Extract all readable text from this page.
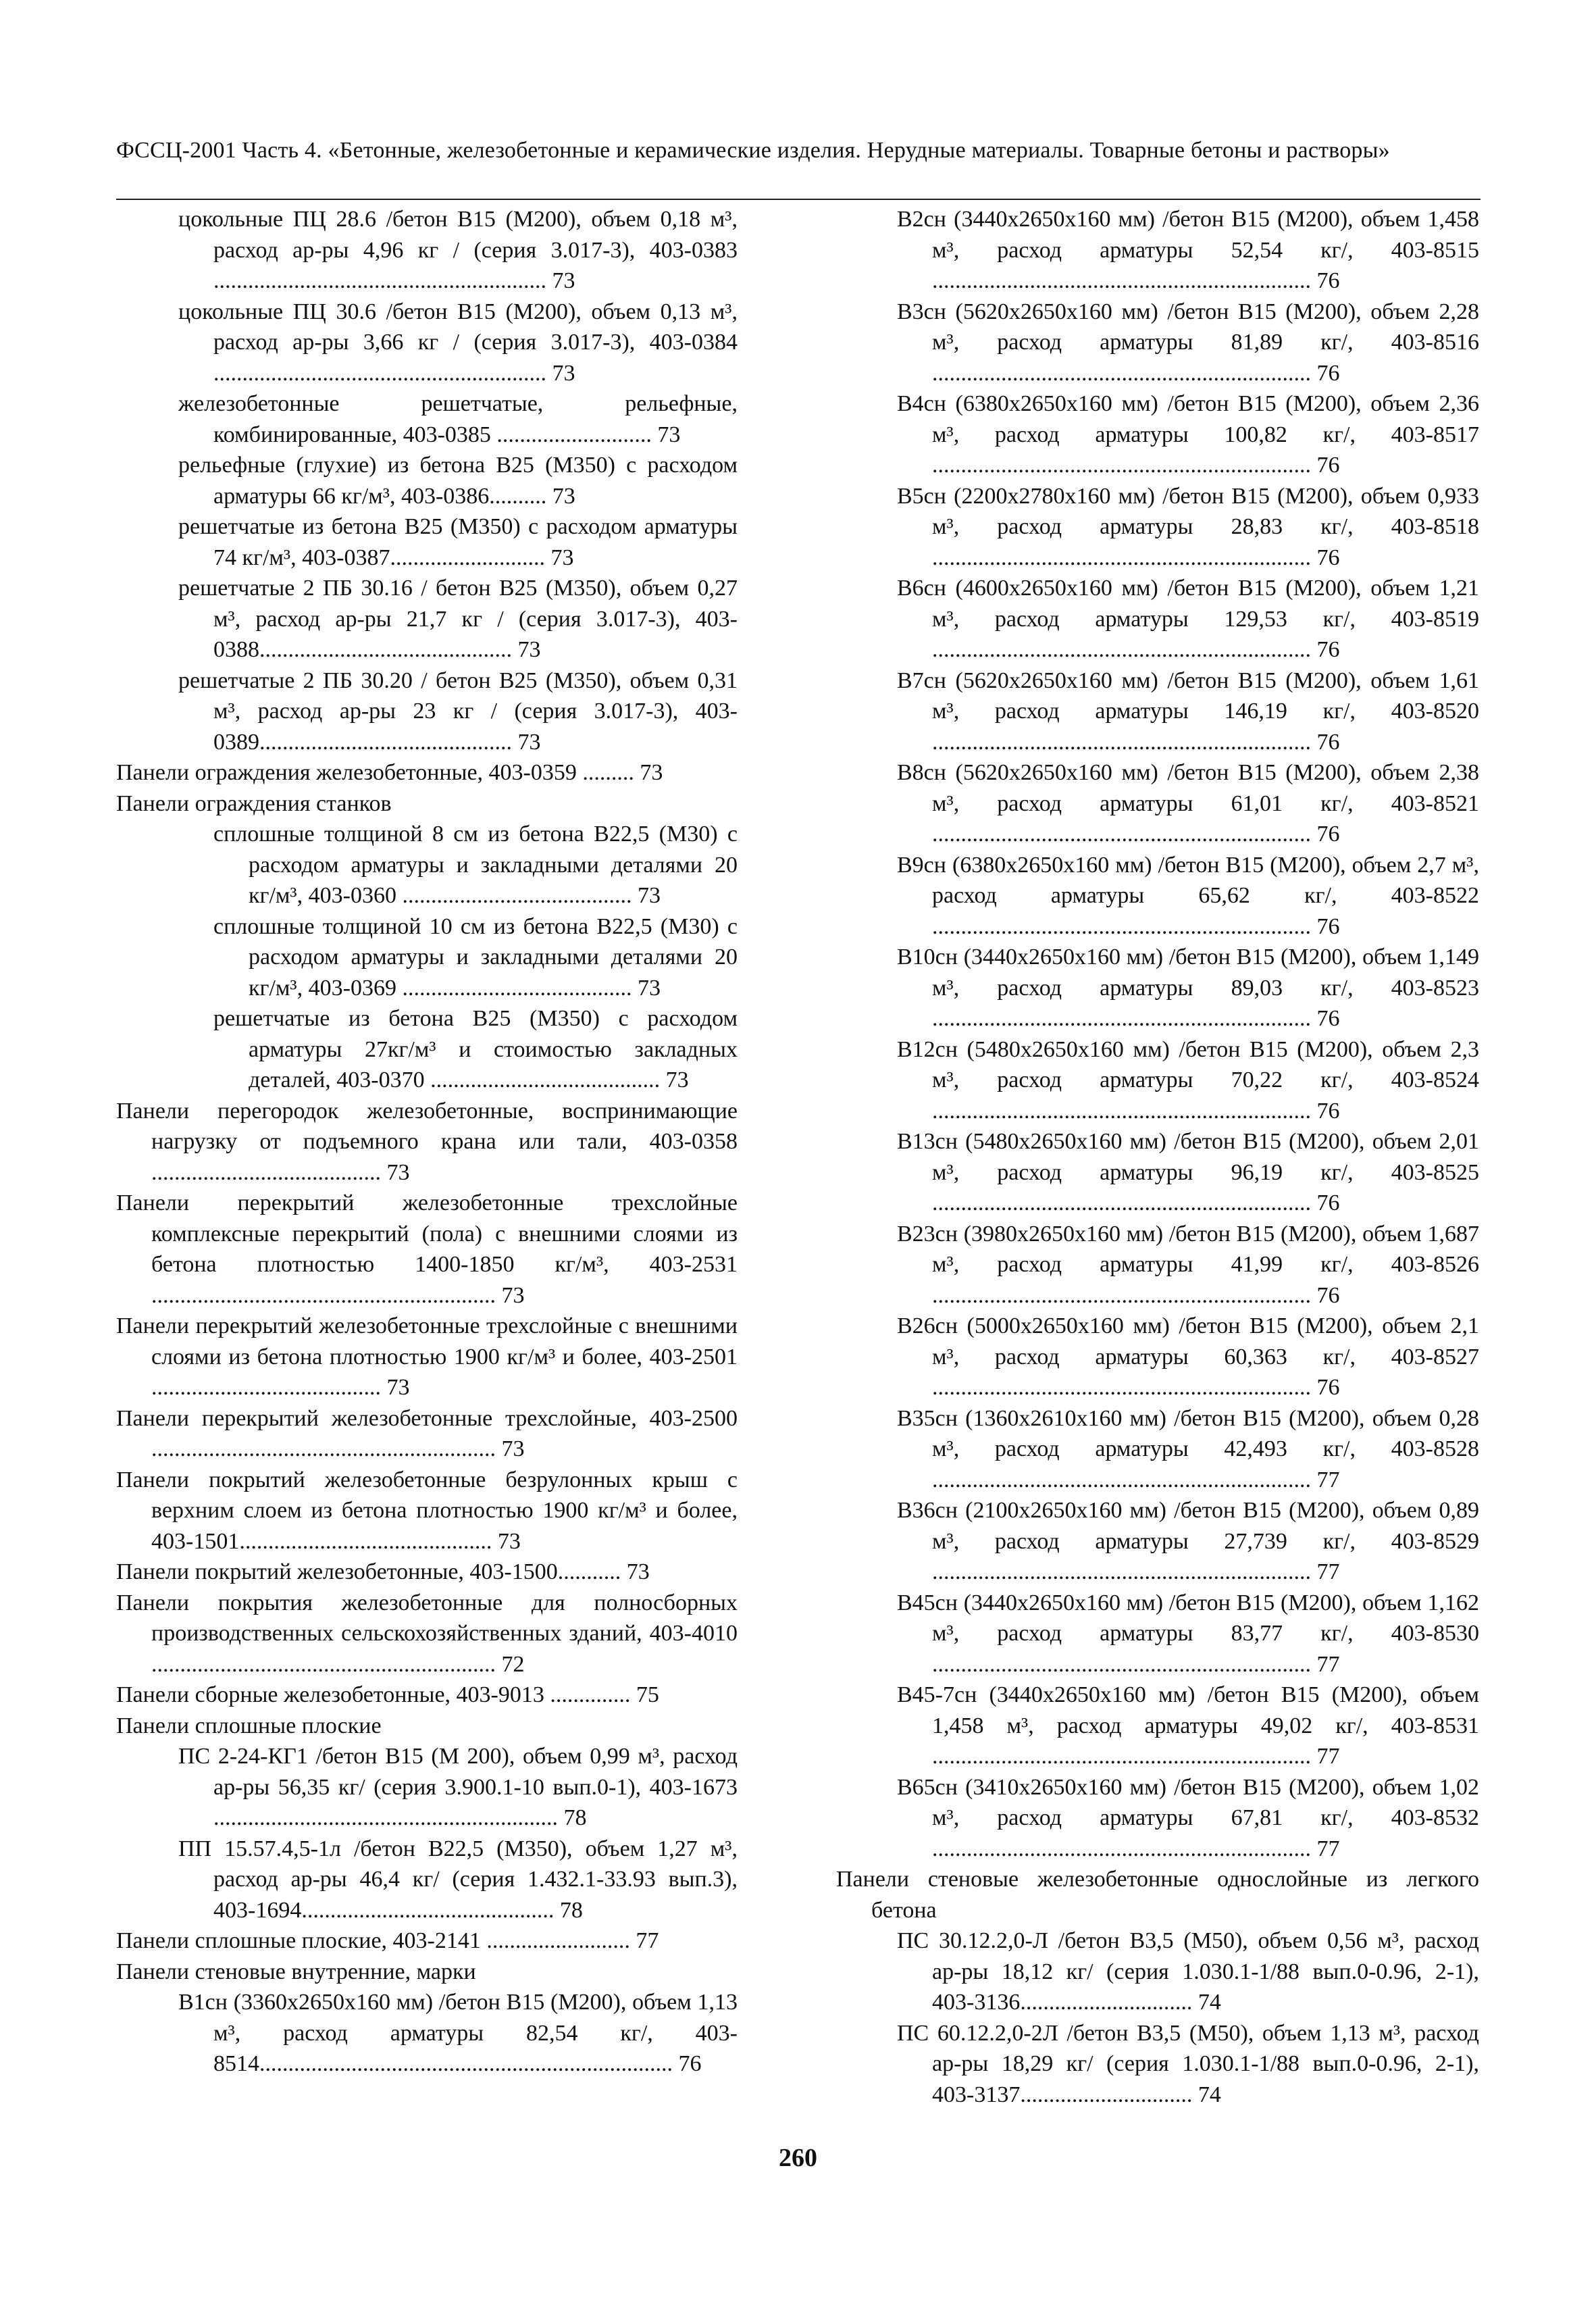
ФССЦ-2001 Часть 4. «Бетонные, железобетонные и керамические изделия. Нерудные материалы. Товарные бетоны и растворы»
цокольные ПЦ 28.6 /бетон В15 (М200), объем 0,18 м³, расход ар-ры 4,96 кг / (серия 3.017-3), 403-0383 .......................................................... 73
цокольные ПЦ 30.6 /бетон В15 (М200), объем 0,13 м³, расход ар-ры 3,66 кг / (серия 3.017-3), 403-0384 .......................................................... 73
железобетонные решетчатые, рельефные, комбинированные, 403-0385 ........................... 73
рельефные (глухие) из бетона В25 (М350) с расходом арматуры 66 кг/м³, 403-0386.......... 73
решетчатые из бетона В25 (М350) с расходом арматуры 74 кг/м³, 403-0387........................... 73
решетчатые 2 ПБ 30.16 / бетон В25 (М350), объем 0,27 м³, расход ар-ры 21,7 кг / (серия 3.017-3), 403-0388............................................ 73
решетчатые 2 ПБ 30.20 / бетон В25 (М350), объем 0,31 м³, расход ар-ры 23 кг / (серия 3.017-3), 403-0389............................................ 73
Панели ограждения железобетонные, 403-0359 ......... 73
Панели ограждения станков
сплошные толщиной 8 см из бетона В22,5 (М30) с расходом арматуры и закладными деталями 20 кг/м³, 403-0360 ........................................ 73
сплошные толщиной 10 см из бетона В22,5 (М30) с расходом арматуры и закладными деталями 20 кг/м³, 403-0369 ........................................ 73
решетчатые из бетона В25 (М350) с расходом арматуры 27кг/м³ и стоимостью закладных деталей, 403-0370 ........................................ 73
Панели перегородок железобетонные, воспринимающие нагрузку от подъемного крана или тали, 403-0358 ........................................ 73
Панели перекрытий железобетонные трехслойные комплексные перекрытий (пола) с внешними слоями из бетона плотностью 1400-1850 кг/м³, 403-2531 ............................................................ 73
Панели перекрытий железобетонные трехслойные с внешними слоями из бетона плотностью 1900 кг/м³ и более, 403-2501 ........................................ 73
Панели перекрытий железобетонные трехслойные, 403-2500 ............................................................ 73
Панели покрытий железобетонные безрулонных крыш с верхним слоем из бетона плотностью 1900 кг/м³ и более, 403-1501............................................ 73
Панели покрытий железобетонные, 403-1500........... 73
Панели покрытия железобетонные для полносборных производственных сельскохозяйственных зданий, 403-4010 ............................................................ 72
Панели сборные железобетонные, 403-9013 .............. 75
Панели сплошные плоские
ПС 2-24-КГ1 /бетон В15 (М 200), объем 0,99 м³, расход ар-ры 56,35 кг/ (серия 3.900.1-10 вып.0-1), 403-1673 ............................................................ 78
ПП 15.57.4,5-1л /бетон В22,5 (М350), объем 1,27 м³, расход ар-ры 46,4 кг/ (серия 1.432.1-33.93 вып.3), 403-1694............................................ 78
Панели сплошные плоские, 403-2141 ......................... 77
Панели стеновые внутренние, марки
В1сн (3360х2650х160 мм) /бетон В15 (М200), объем 1,13 м³, расход арматуры 82,54 кг/, 403-8514........................................................................ 76
В2сн (3440х2650х160 мм) /бетон В15 (М200), объем 1,458 м³, расход арматуры 52,54 кг/, 403-8515 .................................................................. 76
В3сн (5620х2650х160 мм) /бетон В15 (М200), объем 2,28 м³, расход арматуры 81,89 кг/, 403-8516 .................................................................. 76
В4сн (6380х2650х160 мм) /бетон В15 (М200), объем 2,36 м³, расход арматуры 100,82 кг/, 403-8517 .................................................................. 76
В5сн (2200х2780х160 мм) /бетон В15 (М200), объем 0,933 м³, расход арматуры 28,83 кг/, 403-8518 .................................................................. 76
В6сн (4600х2650х160 мм) /бетон В15 (М200), объем 1,21 м³, расход арматуры 129,53 кг/, 403-8519 .................................................................. 76
В7сн (5620х2650х160 мм) /бетон В15 (М200), объем 1,61 м³, расход арматуры 146,19 кг/, 403-8520 .................................................................. 76
В8сн (5620х2650х160 мм) /бетон В15 (М200), объем 2,38 м³, расход арматуры 61,01 кг/, 403-8521 .................................................................. 76
В9сн (6380х2650х160 мм) /бетон В15 (М200), объем 2,7 м³, расход арматуры 65,62 кг/, 403-8522 .................................................................. 76
В10сн (3440х2650х160 мм) /бетон В15 (М200), объем 1,149 м³, расход арматуры 89,03 кг/, 403-8523 .................................................................. 76
В12сн (5480х2650х160 мм) /бетон В15 (М200), объем 2,3 м³, расход арматуры 70,22 кг/, 403-8524 .................................................................. 76
В13сн (5480х2650х160 мм) /бетон В15 (М200), объем 2,01 м³, расход арматуры 96,19 кг/, 403-8525 .................................................................. 76
В23сн (3980х2650х160 мм) /бетон В15 (М200), объем 1,687 м³, расход арматуры 41,99 кг/, 403-8526 .................................................................. 76
В26сн (5000х2650х160 мм) /бетон В15 (М200), объем 2,1 м³, расход арматуры 60,363 кг/, 403-8527 .................................................................. 76
В35сн (1360х2610х160 мм) /бетон В15 (М200), объем 0,28 м³, расход арматуры 42,493 кг/, 403-8528 .................................................................. 77
В36сн (2100х2650х160 мм) /бетон В15 (М200), объем 0,89 м³, расход арматуры 27,739 кг/, 403-8529 .................................................................. 77
В45сн (3440х2650х160 мм) /бетон В15 (М200), объем 1,162 м³, расход арматуры 83,77 кг/, 403-8530 .................................................................. 77
В45-7сн (3440х2650х160 мм) /бетон В15 (М200), объем 1,458 м³, расход арматуры 49,02 кг/, 403-8531 .................................................................. 77
В65сн (3410х2650х160 мм) /бетон В15 (М200), объем 1,02 м³, расход арматуры 67,81 кг/, 403-8532 .................................................................. 77
Панели стеновые железобетонные однослойные из легкого бетона
ПС 30.12.2,0-Л /бетон В3,5 (М50), объем 0,56 м³, расход ар-ры 18,12 кг/ (серия 1.030.1-1/88 вып.0-0.96, 2-1), 403-3136.............................. 74
ПС 60.12.2,0-2Л /бетон В3,5 (М50), объем 1,13 м³, расход ар-ры 18,29 кг/ (серия 1.030.1-1/88 вып.0-0.96, 2-1), 403-3137.............................. 74
260
